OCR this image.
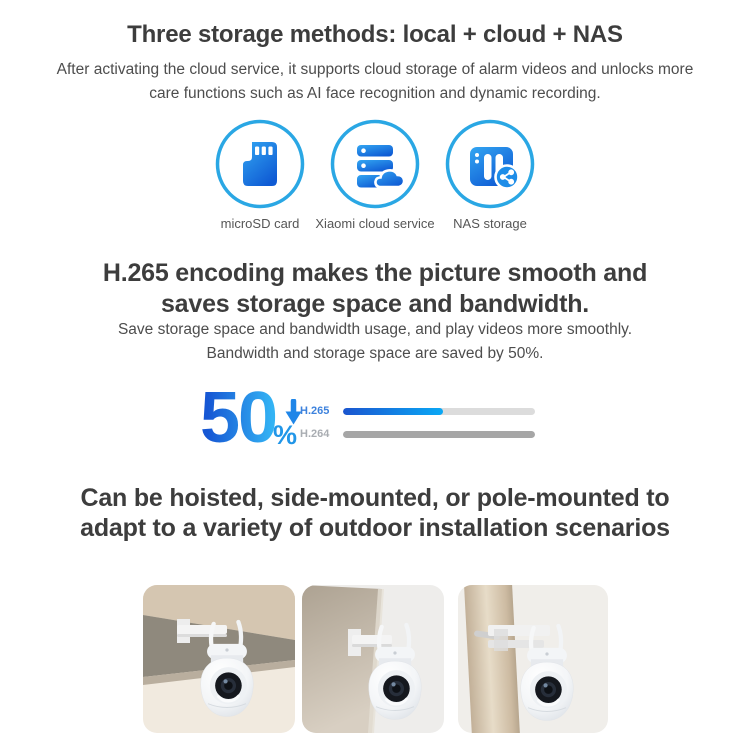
Three storage methods: local + cloud + NAS
After activating the cloud service, it supports cloud storage of alarm videos and unlocks more
care functions such as AI face recognition and dynamic recording.
microSD card Xiaomi cloud service NAS storage
H.265 encoding makes the picture smooth and
saves storage space and bandwidth.
Save storage space and bandwidth usage, and play videos more smoothly.
Bandwidth and storage space are saved by 50%.
50
%
H.265
H.264
Can be hoisted, side-mounted, or pole-mounted to
adapt to a variety of outdoor installation scenarios
